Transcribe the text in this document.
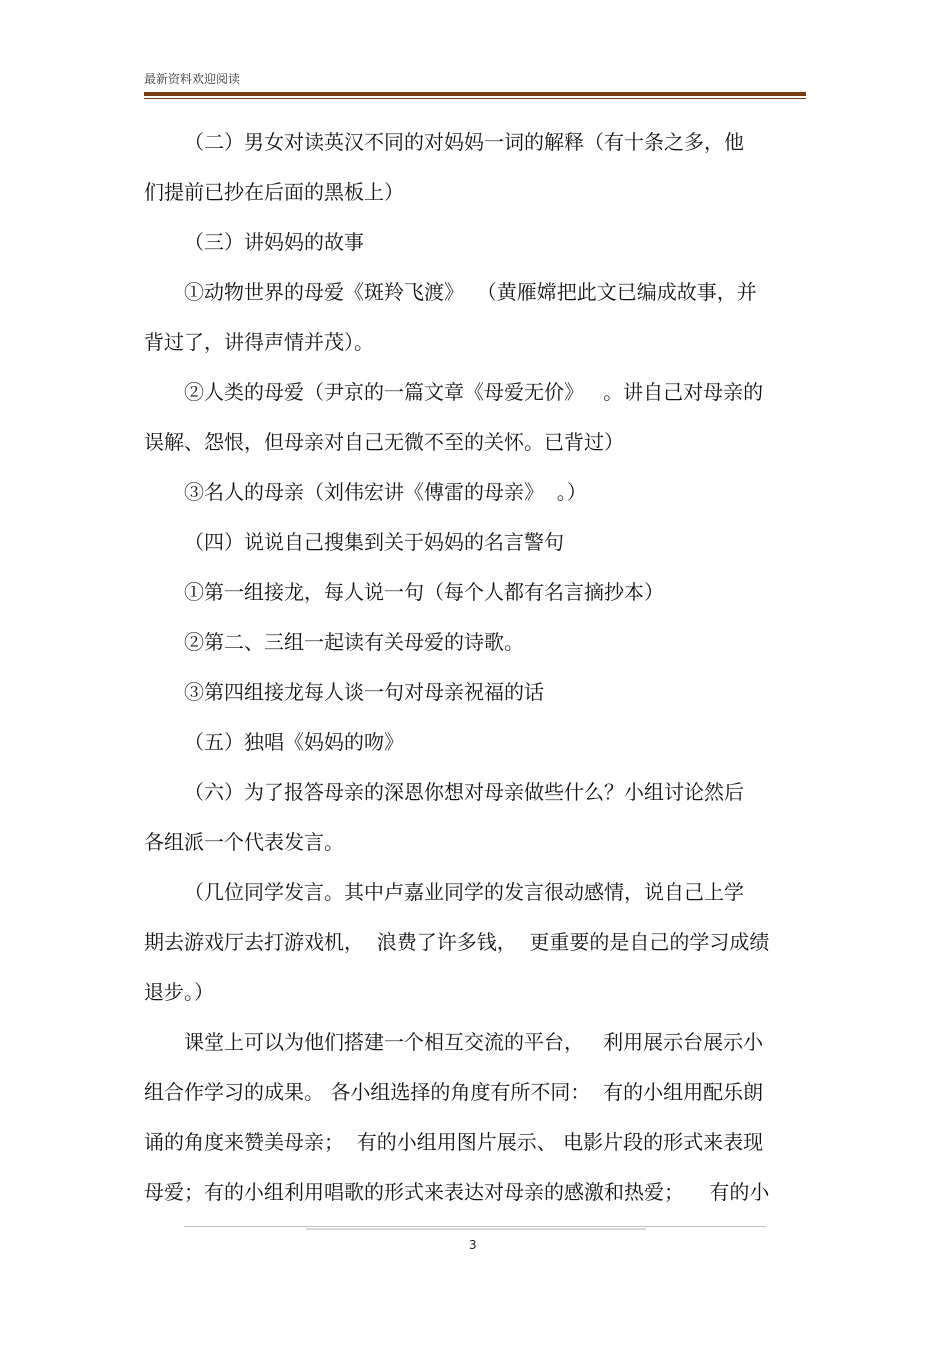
最新资料欢迎阅读
（二）男女对读英汉不同的对妈妈一词的解释（有十条之多，他
们提前已抄在后面的黑板上）
（三）讲妈妈的故事
①动物世界的母爱《斑羚飞渡》  （黄雁嫦把此文已编成故事，并
背过了，讲得声情并茂）。
②人类的母爱（尹京的一篇文章《母爱无价》   。讲自己对母亲的
误解、怨恨，但母亲对自己无微不至的关怀。已背过）
③名人的母亲（刘伟宏讲《傅雷的母亲》  。）
（四）说说自己搜集到关于妈妈的名言警句
①第一组接龙，每人说一句（每个人都有名言摘抄本）
②第二、三组一起读有关母爱的诗歌。
③第四组接龙每人谈一句对母亲祝福的话
（五）独唱《妈妈的吻》
（六）为了报答母亲的深恩你想对母亲做些什么？小组讨论然后
各组派一个代表发言。
（几位同学发言。其中卢嘉业同学的发言很动感情，说自己上学
期去游戏厅去打游戏机，  浪费了许多钱，  更重要的是自己的学习成绩
退步。）
课堂上可以为他们搭建一个相互交流的平台，   利用展示台展示小
组合作学习的成果。 各小组选择的角度有所不同：  有的小组用配乐朗
诵的角度来赞美母亲；  有的小组用图片展示、 电影片段的形式来表现
母爱；有的小组利用唱歌的形式来表达对母亲的感激和热爱；    有的小
3
